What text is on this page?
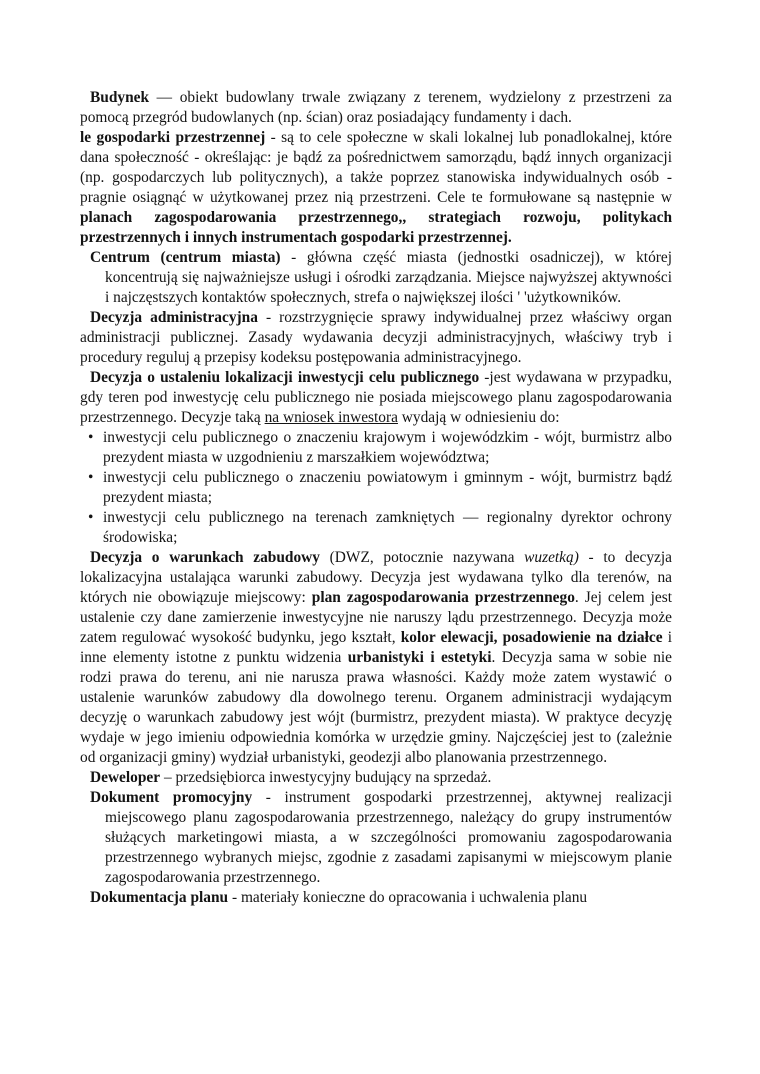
Budynek — obiekt budowlany trwale związany z terenem, wydzielony z przestrzeni za pomocą przegród budowlanych (np. ścian) oraz posiadający fundamenty i dach.

le gospodarki przestrzennej - są to cele społeczne w skali lokalnej lub ponadlokalnej, które dana społeczność - określając: je bądź za pośrednictwem samorządu, bądź innych organizacji (np. gospodarczych lub politycznych), a także poprzez stanowiska indywidualnych osób - pragnie osiągnąć w użytkowanej przez nią przestrzeni. Cele te formułowane są następnie w planach zagospodarowania przestrzennego,, strategiach rozwoju, politykach przestrzennych i innych instrumentach gospodarki przestrzennej.

Centrum (centrum miasta) - główna część miasta (jednostki osadniczej), w której koncentrują się najważniejsze usługi i ośrodki zarządzania. Miejsce najwyższej aktywności i najczęstszych kontaktów społecznych, strefa o największej ilości ' 'użytkowników.

Decyzja administracyjna - rozstrzygnięcie sprawy indywidualnej przez właściwy organ administracji publicznej. Zasady wydawania decyzji administracyjnych, właściwy tryb i procedury reguluj ą przepisy kodeksu postępowania administracyjnego.

Decyzja o ustaleniu lokalizacji inwestycji celu publicznego -jest wydawana w przypadku, gdy teren pod inwestycję celu publicznego nie posiada miejscowego planu zagospodarowania przestrzennego. Decyzje taką na wniosek inwestora wydają w odniesieniu do:

• inwestycji celu publicznego o znaczeniu krajowym i wojewódzkim - wójt, burmistrz albo prezydent miasta w uzgodnieniu z marszałkiem województwa;

• inwestycji celu publicznego o znaczeniu powiatowym i gminnym - wójt, burmistrz bądź prezydent miasta;

• inwestycji celu publicznego na terenach zamkniętych — regionalny dyrektor ochrony środowiska;

Decyzja o warunkach zabudowy (DWZ, potocznie nazywana wuzetką) - to decyzja lokalizacyjna ustalająca warunki zabudowy. Decyzja jest wydawana tylko dla terenów, na których nie obowiązuje miejscowy: plan zagospodarowania przestrzennego. Jej celem jest ustalenie czy dane zamierzenie inwestycyjne nie naruszy lądu przestrzennego. Decyzja może zatem regulować wysokość budynku, jego kształt, kolor elewacji, posadowienie na działce i inne elementy istotne z punktu widzenia urbanistyki i estetyki. Decyzja sama w sobie nie rodzi prawa do terenu, ani nie narusza prawa własności. Każdy może zatem wystawić o ustalenie warunków zabudowy dla dowolnego terenu. Organem administracji wydającym decyzję o warunkach zabudowy jest wójt (burmistrz, prezydent miasta). W praktyce decyzję wydaje w jego imieniu odpowiednia komórka w urzędzie gminy. Najczęściej jest to (zależnie od organizacji gminy) wydział urbanistyki, geodezji albo planowania przestrzennego.

Deweloper – przedsiębiorca inwestycyjny budujący na sprzedaż.

Dokument promocyjny - instrument gospodarki przestrzennej, aktywnej realizacji miejscowego planu zagospodarowania przestrzennego, należący do grupy instrumentów służących marketingowi miasta, a w szczególności promowaniu zagospodarowania przestrzennego wybranych miejsc, zgodnie z zasadami zapisanymi w miejscowym planie zagospodarowania przestrzennego.

Dokumentacja planu - materiały konieczne do opracowania i uchwalenia planu
